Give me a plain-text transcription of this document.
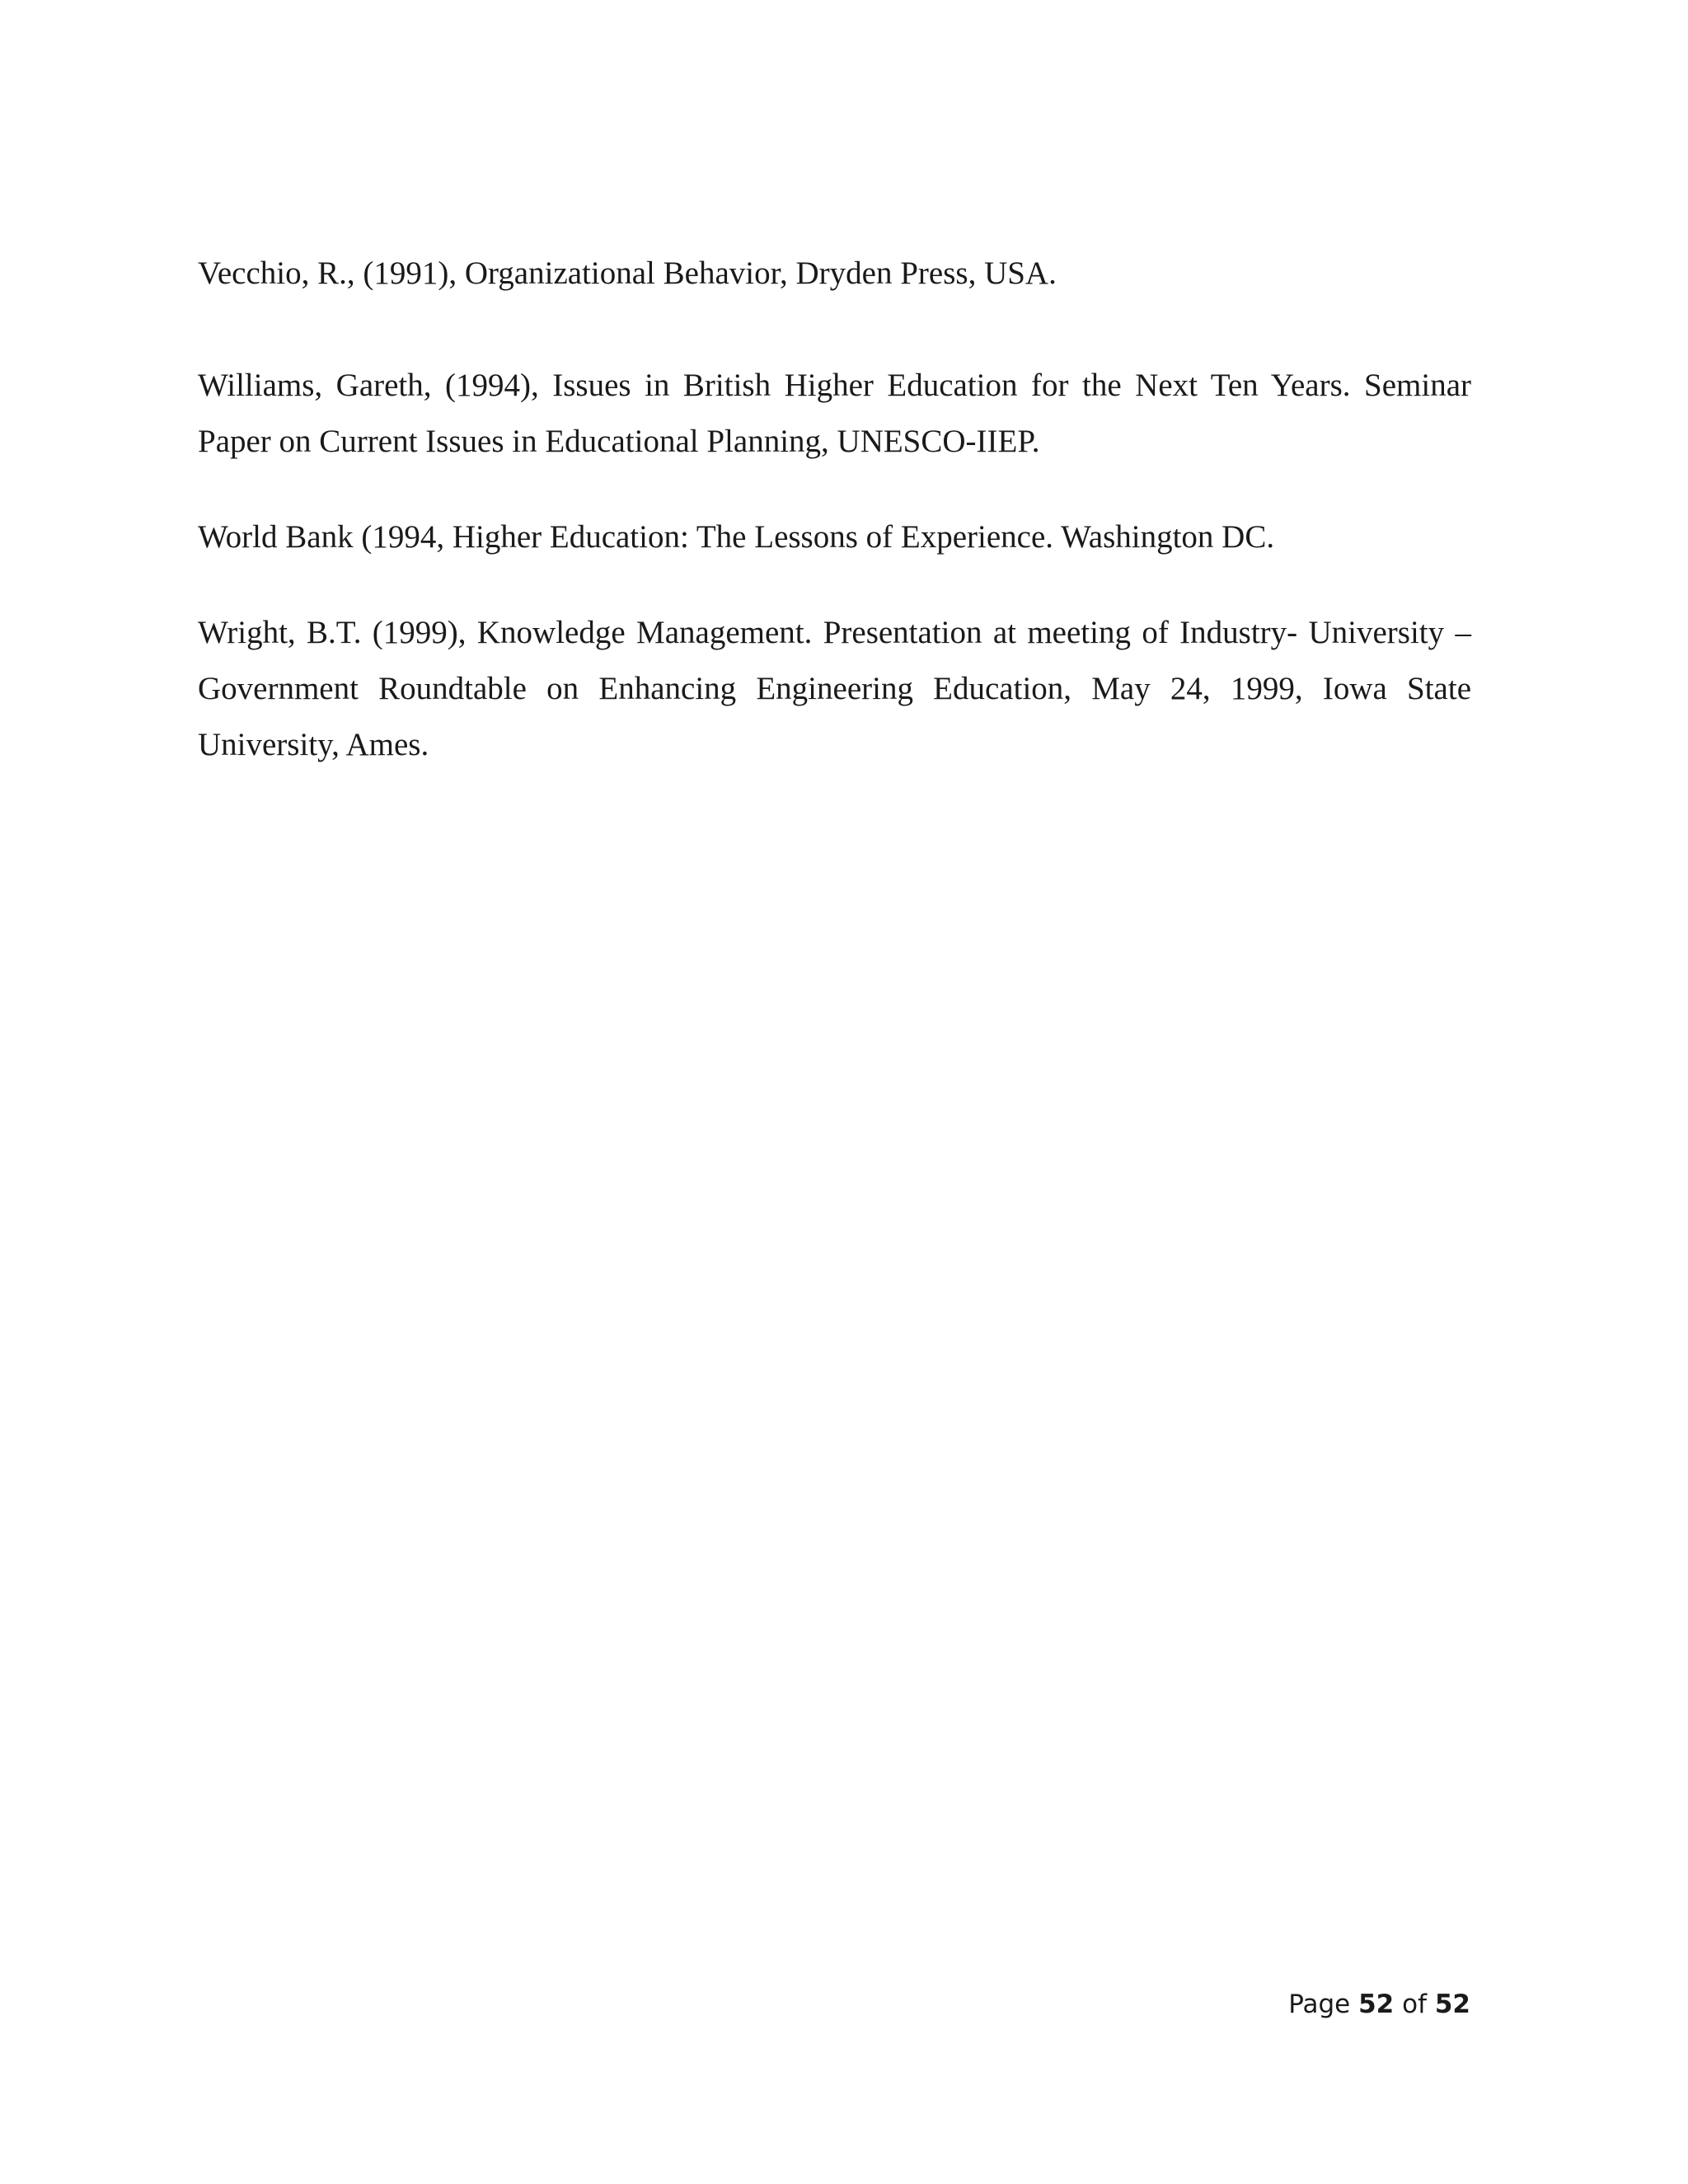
Vecchio, R., (1991), Organizational Behavior, Dryden Press, USA.

Williams, Gareth, (1994), Issues in British Higher Education for the Next Ten Years. Seminar Paper on Current Issues in Educational Planning, UNESCO-IIEP.

World Bank (1994, Higher Education: The Lessons of Experience. Washington DC.

Wright, B.T. (1999), Knowledge Management. Presentation at meeting of Industry- University – Government Roundtable on Enhancing Engineering Education, May 24, 1999, Iowa State University, Ames.

Page 52 of 52
